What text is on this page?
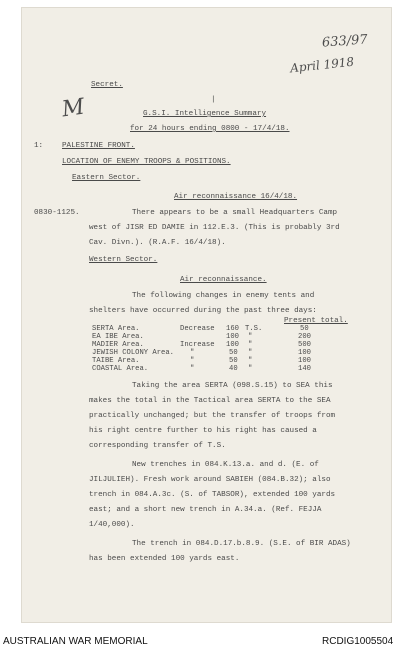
633/97
April 1918
M
Secret.
|
G.S.I. Intelligence Summary
for 24 hours ending 0800 - 17/4/18.
1: PALESTINE FRONT.
LOCATION OF ENEMY TROOPS & POSITIONS.
Eastern Sector.
Air reconnaissance 16/4/18.
0830-1125.	There appears to be a small Headquarters Camp
west of JISR ED DAMIE in 112.E.3. (This is probably 3rd
Cav. Divn.). (R.A.F. 16/4/18).
Western Sector.
Air reconnaissance.
The following changes in enemy tents and
shelters have occurred during the past three days:
Present total.
SERTA Area.	Decrease 160 T.S.	50
EA IBE Area.	100 "	200
MADIER Area.	Increase 100 "	500
JEWISH COLONY Area. "	50 "	100
TAIBE Area.	"	50 "	100
COASTAL Area.	"	40 "	140
Taking the area SERTA (098.S.15) to SEA this
makes the total in the Tactical area SERTA to the SEA
practically unchanged; but the transfer of troops from
his right centre further to his right has caused a
corresponding transfer of T.S.
New trenches in 084.K.13.a. and d. (E. of
JILJULIEH). Fresh work around SABIEH (084.B.32); also
trench in 084.A.3c. (S. of TABSOR), extended 100 yards
east; and a short new trench in A.34.a. (Ref. FEJJA
1/40,000).
The trench in 084.D.17.b.8.9. (S.E. of BIR ADAS)
has been extended 100 yards east.
AUSTRALIAN WAR MEMORIAL	RCDIG1005504
